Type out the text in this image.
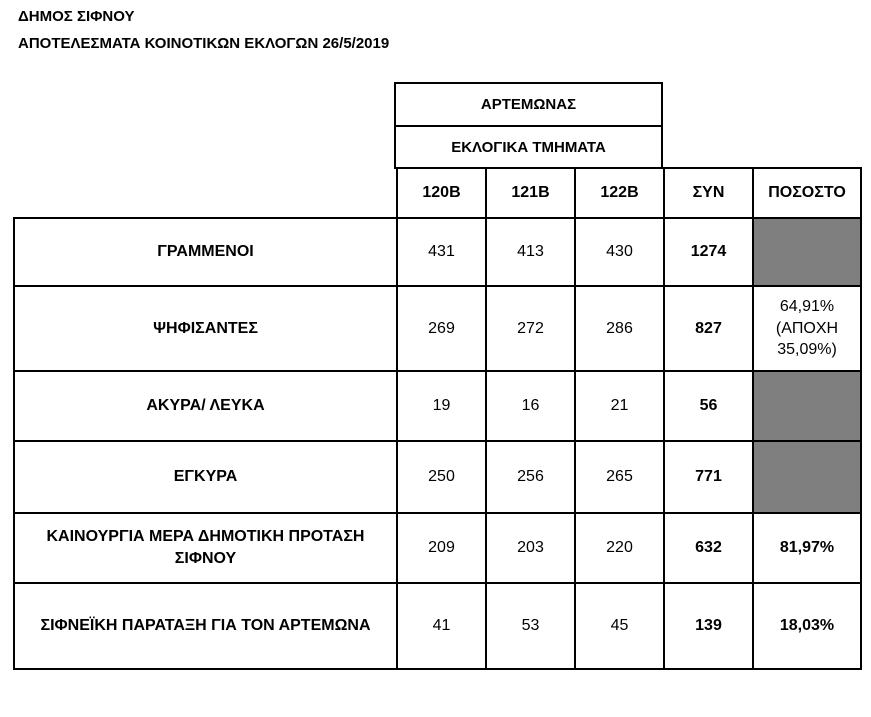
ΔΗΜΟΣ ΣΙΦΝΟΥ
ΑΠΟΤΕΛΕΣΜΑΤΑ ΚΟΙΝΟΤΙΚΩΝ ΕΚΛΟΓΩΝ 26/5/2019
ΑΡΤΕΜΩΝΑΣ
ΕΚΛΟΓΙΚΑ ΤΜΗΜΑΤΑ
	120Β	121Β	122Β	ΣΥΝ	ΠΟΣΟΣΤΟ
ΓΡΑΜΜΕΝΟΙ	431	413	430	1274	
ΨΗΦΙΣΑΝΤΕΣ	269	272	286	827	64,91%
(ΑΠΟΧΗ
35,09%)

ΑΚΥΡΑ/ ΛΕΥΚΑ	19	16	21	56	
ΕΓΚΥΡΑ	250	256	265	771	
ΚΑΙΝΟΥΡΓΙΑ ΜΕΡΑ ΔΗΜΟΤΙΚΗ ΠΡΟΤΑΣΗ ΣΙΦΝΟΥ	209	203	220	632	81,97%
ΣΙΦΝΕΪΚΗ ΠΑΡΑΤΑΞΗ ΓΙΑ ΤΟΝ ΑΡΤΕΜΩΝΑ	41	53	45	139	18,03%
